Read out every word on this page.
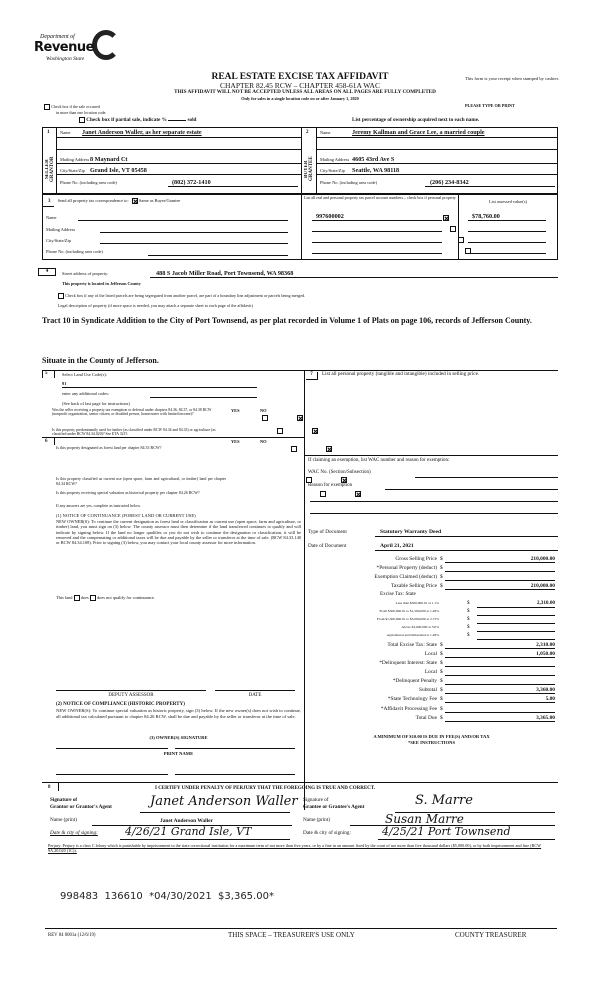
Department of
Revenue
Washington State
REAL ESTATE EXCISE TAX AFFIDAVIT
CHAPTER 82.45 RCW – CHAPTER 458-61A WAC
THIS AFFIDAVIT WILL NOT BE ACCEPTED UNLESS ALL AREAS ON ALL PAGES ARE FULLY COMPLETED
Only for sales in a single location code on or after January 1, 2020
This form is your receipt when stamped by cashier.
PLEASE TYPE OR PRINT
Check box if the sale occurred
in more than one location code.
Check box if partial sale, indicate %	sold	List percentage of ownership acquired next to each name.
1
SELLER GRANTOR
Name Janet Anderson Waller, as her separate estate
Mailing Address 8 Maynard Ct
City/State/Zip Grand Isle, VT 05458
Phone No. (including area code)	(802) 372-1410
2
BUYER GRANTEE
Name	Jeremy Kallman and Grace Lee, a married couple
Mailing Address 4605 43rd Ave S
City/State/Zip Seattle, WA 98118
Phone No. (including area code)	(206) 234-8342
3 Send all property tax correspondence to: Same as Buyer/Grantee
Name
Mailing Address
City/State/Zip
Phone No. (including area code)
List all real and personal property tax parcel account numbers – check box if personal property
List assessed value(s)
997600002
	$78,760.00

4	Street address of property:	488 S Jacob Miller Road, Port Townsend, WA 98368
This property is located in Jefferson County
Check box if any of the listed parcels are being segregated from another parcel, are part of a boundary line adjustment or parcels being merged.
Legal description of property (if more space is needed, you may attach a separate sheet to each page of the affidavit)
Tract 10 in Syndicate Addition to the City of Port Townsend, as per plat recorded in Volume 1 of Plats on page 106, records of Jefferson County.
Situate in the County of Jefferson.
5	Select Land Use Code(s):
91
enter any additional codes:
(See back of last page for instructions)
YES	NO
Was the seller receiving a property tax exemption or deferral under chapters 84.36, 84.37, or 84.38 RCW (nonprofit organization, senior citizen, or disabled person, homeowner with limited income)?

Is this property predominantly used for timber (as classified under RCW 84.34 and 84.33) or agriculture (as classified under RCW 84.34.020)? See ETA 3215

6	YES	NO
Is this property designated as forest land per chapter 84.33 RCW?

Is this property classified as current use (open space, farm and agricultural, or timber) land per chapter 84.34 RCW?

Is this property receiving special valuation as historical property per chapter 84.26 RCW?

If any answers are yes, complete as instructed below.
(1) NOTICE OF CONTINUANCE (FOREST LAND OR CURRENT USE)
NEW OWNER(S): To continue the current designation as forest land or classification as current use (open space, farm and agriculture, or timber) land, you must sign on (3) below. The county assessor must then determine if the land transferred continues to qualify and will indicate by signing below. If the land no longer qualifies or you do not wish to continue the designation or classification, it will be removed and the compensating or additional taxes will be due and payable by the seller or transferor at the time of sale. (RCW 84.33.140 or RCW 84.34.108). Prior to signing (3) below, you may contact your local county assessor for more information.
This land does does not qualify for continuance.
DEPUTY ASSESSOR	DATE
(2) NOTICE OF COMPLIANCE (HISTORIC PROPERTY)
NEW OWNER(S): To continue special valuation as historic property, sign (3) below. If the new owner(s) does not wish to continue, all additional tax calculated pursuant to chapter 84.26 RCW, shall be due and payable by the seller or transferor at the time of sale.
(3) OWNER(S) SIGNATURE
PRINT NAME
7	List all personal property (tangible and intangible) included in selling price.
If claiming an exemption, list WAC number and reason for exemption:
WAC No. (Section/Subsection)
Reason for exemption
Type of Document	Statutory Warranty Deed
Date of Document	April 21, 2021
Gross Selling Price $	210,000.00
*Personal Property (deduct) $
Exemption Claimed (deduct) $
Taxable Selling Price $	210,000.00
Excise Tax: State
Less than $500,000.01 at 1.1%	$	2,310.00
From $500,000.01 to $1,500,000 at 1.28%	$
From $1,500,000.01 to $3,000,000 at 2.75%	$
Above $3,000,000 at 3.0%	$
Agricultural and timberland at 1.28%	$
Total Excise Tax: State $	2,310.00
Local $	1,050.00
*Delinquent Interest: State $
Local $
*Delinquent Penalty $
Subtotal $	3,360.00
*State Technology Fee $	5.00
*Affidavit Processing Fee $
Total Due $	3,365.00
A MINIMUM OF $10.00 IS DUE IN FEE(S) AND/OR TAX
*SEE INSTRUCTIONS
8	I CERTIFY UNDER PENALTY OF PERJURY THAT THE FOREGOING IS TRUE AND CORRECT.
Signature of
Grantor or Grantor's Agent	Janet Anderson Waller
Name (print)	Janet Anderson Waller
Date & city of signing: 4/26/21 Grand Isle, VT
Signature of
Grantee or Grantee's Agent	S. Marre
Name (print)	Susan Marre
Date & city of signing:	4/25/21 Port Townsend
Perjury: Perjury is a class C felony which is punishable by imprisonment in the state correctional institution for a maximum term of not more than five years, or by a fine in an amount fixed by the court of not more than five thousand dollars ($5,000.00), or by both imprisonment and fine (RCW 9A.20.020 (1C)).
998483  136610  *04/30/2021  $3,365.00*
REV 84 0001a (12/6/19)	THIS SPACE – TREASURER'S USE ONLY	COUNTY TREASURER
